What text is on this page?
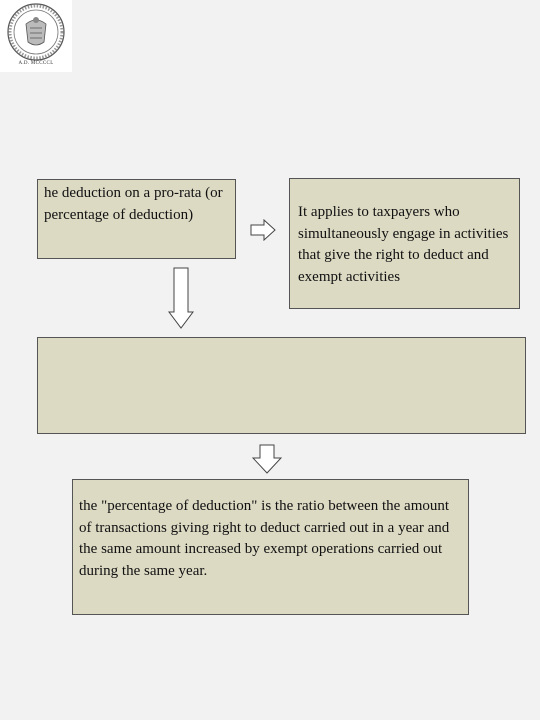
A.D. MCCCCL
he deduction on a pro-rata (or percentage of deduction)	It applies to taxpayers who simultaneously engage in activities that give the right to deduct and exempt activities
the "percentage of deduction" is the ratio between the amount of transactions giving right to deduct carried out in a year and the same amount increased by exempt operations carried out during the same year.
